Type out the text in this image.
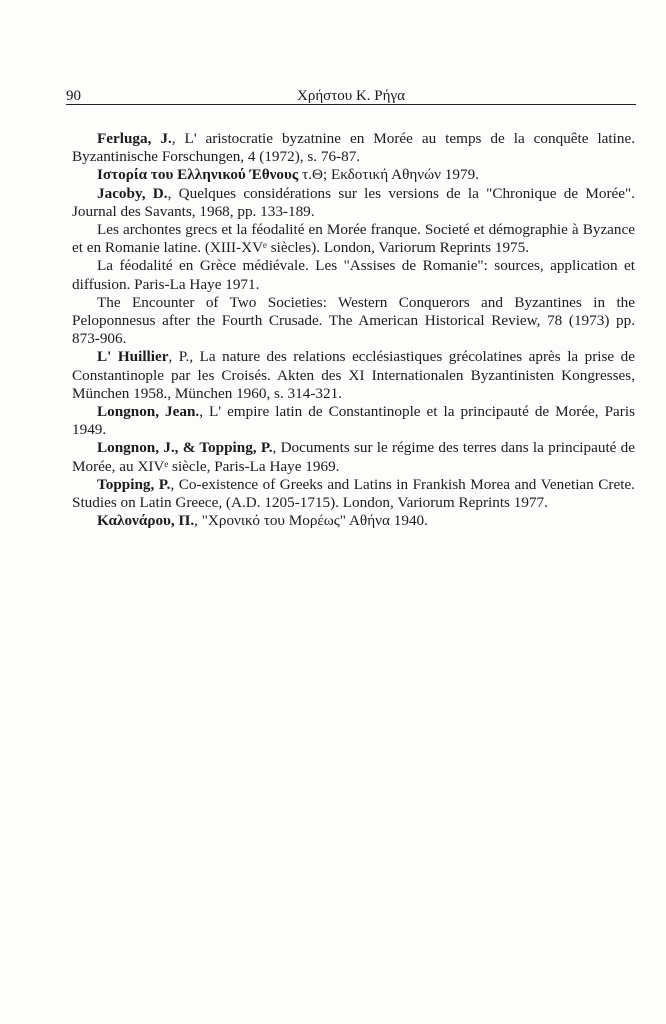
90	Χρήστου Κ. Ρήγα

Ferluga, J., L' aristocratie byzatnine en Morée au temps de la conquête latine. Byzantinische Forschungen, 4 (1972), s. 76-87.

Ιστορία του Ελληνικού Έθνους τ.Θ; Εκδοτική Αθηνών 1979.

Jacoby, D., Quelques considérations sur les versions de la "Chronique de Morée". Journal des Savants, 1968, pp. 133-189.

Les archontes grecs et la féodalité en Morée franque. Societé et démographie à Byzance et en Romanie latine. (XIII-XVᵉ siècles). London, Variorum Reprints 1975.

La féodalité en Grèce médiévale. Les "Assises de Romanie": sources, application et diffusion. Paris-La Haye 1971.

The Encounter of Two Societies: Western Conquerors and Byzantines in the Peloponnesus after the Fourth Crusade. The American Historical Review, 78 (1973) pp. 873-906.

L' Huillier, P., La nature des relations ecclésiastiques grécolatines après la prise de Constantinople par les Croisés. Akten des XI Internationalen Byzantinisten Kongresses, München 1958., München 1960, s. 314-321.

Longnon, Jean., L' empire latin de Constantinople et la principauté de Morée, Paris 1949.

Longnon, J., & Topping, P., Documents sur le régime des terres dans la principauté de Morée, au XIVᵉ siècle, Paris-La Haye 1969.

Topping, P., Co-existence of Greeks and Latins in Frankish Morea and Venetian Crete. Studies on Latin Greece, (A.D. 1205-1715). London, Variorum Reprints 1977.

Καλονάρου, Π., "Χρονικό του Μορέως" Αθήνα 1940.
